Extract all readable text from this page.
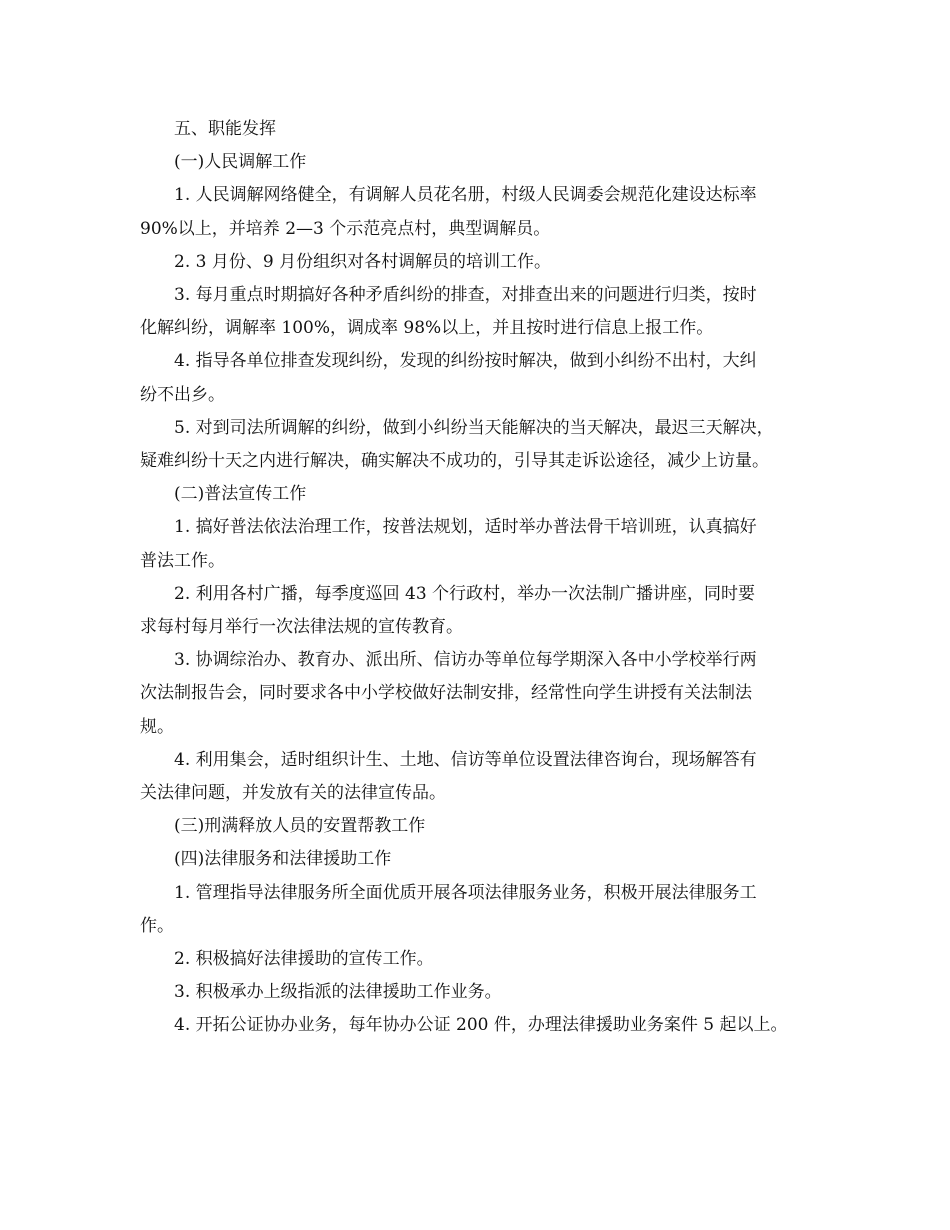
五、职能发挥

(一)人民调解工作

1. 人民调解网络健全，有调解人员花名册，村级人民调委会规范化建设达标率

90%以上，并培养 2—3 个示范亮点村，典型调解员。

2. 3 月份、9 月份组织对各村调解员的培训工作。

3. 每月重点时期搞好各种矛盾纠纷的排查，对排查出来的问题进行归类，按时

化解纠纷，调解率 100%，调成率 98%以上，并且按时进行信息上报工作。

4. 指导各单位排查发现纠纷，发现的纠纷按时解决，做到小纠纷不出村，大纠

纷不出乡。

5. 对到司法所调解的纠纷，做到小纠纷当天能解决的当天解决，最迟三天解决，

疑难纠纷十天之内进行解决，确实解决不成功的，引导其走诉讼途径，减少上访量。

(二)普法宣传工作

1. 搞好普法依法治理工作，按普法规划，适时举办普法骨干培训班，认真搞好

普法工作。

2. 利用各村广播，每季度巡回 43 个行政村，举办一次法制广播讲座，同时要

求每村每月举行一次法律法规的宣传教育。

3. 协调综治办、教育办、派出所、信访办等单位每学期深入各中小学校举行两

次法制报告会，同时要求各中小学校做好法制安排，经常性向学生讲授有关法制法

规。

4. 利用集会，适时组织计生、土地、信访等单位设置法律咨询台，现场解答有

关法律问题，并发放有关的法律宣传品。

(三)刑满释放人员的安置帮教工作

(四)法律服务和法律援助工作

1. 管理指导法律服务所全面优质开展各项法律服务业务，积极开展法律服务工

作。

2. 积极搞好法律援助的宣传工作。

3. 积极承办上级指派的法律援助工作业务。

4. 开拓公证协办业务，每年协办公证 200 件，办理法律援助业务案件 5 起以上。
